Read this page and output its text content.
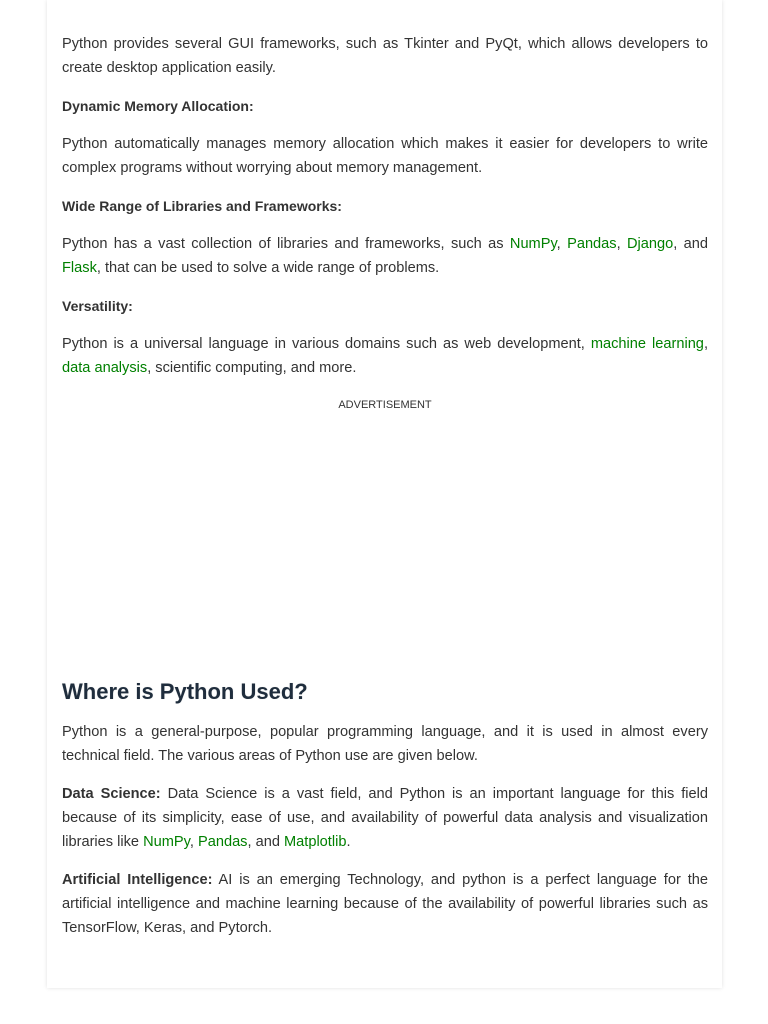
Python provides several GUI frameworks, such as Tkinter and PyQt, which allows developers to create desktop application easily.

Dynamic Memory Allocation:

Python automatically manages memory allocation which makes it easier for developers to write complex programs without worrying about memory management.

Wide Range of Libraries and Frameworks:

Python has a vast collection of libraries and frameworks, such as NumPy, Pandas, Django, and Flask, that can be used to solve a wide range of problems.

Versatility:

Python is a universal language in various domains such as web development, machine learning, data analysis, scientific computing, and more.

ADVERTISEMENT

Where is Python Used?

Python is a general-purpose, popular programming language, and it is used in almost every technical field. The various areas of Python use are given below.

Data Science: Data Science is a vast field, and Python is an important language for this field because of its simplicity, ease of use, and availability of powerful data analysis and visualization libraries like NumPy, Pandas, and Matplotlib.

Artificial Intelligence: AI is an emerging Technology, and python is a perfect language for the artificial intelligence and machine learning because of the availability of powerful libraries such as TensorFlow, Keras, and Pytorch.
